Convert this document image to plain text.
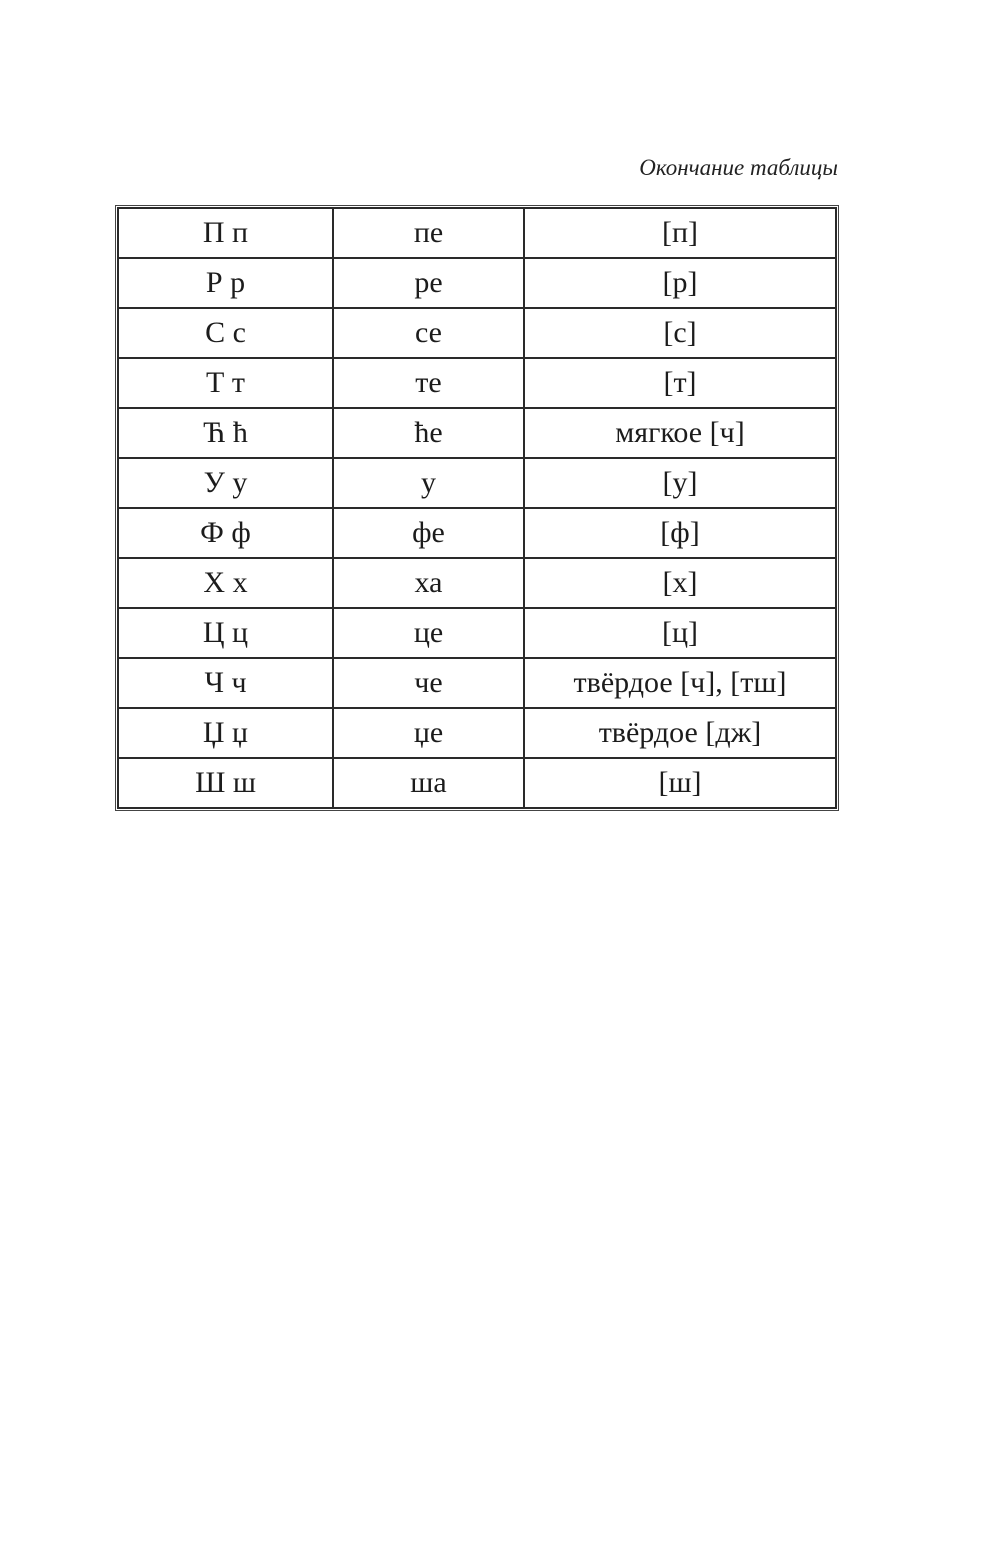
Окончание таблицы
П п	пе	[п]
Р р	ре	[р]
С с	се	[с]
Т т	те	[т]
Ћ ћ	ће	мягкое [ч]
У у	у	[у]
Ф ф	фе	[ф]
Х х	ха	[х]
Ц ц	це	[ц]
Ч ч	че	твёрдое [ч], [тш]
Џ џ	џе	твёрдое [дж]
Ш ш	ша	[ш]
